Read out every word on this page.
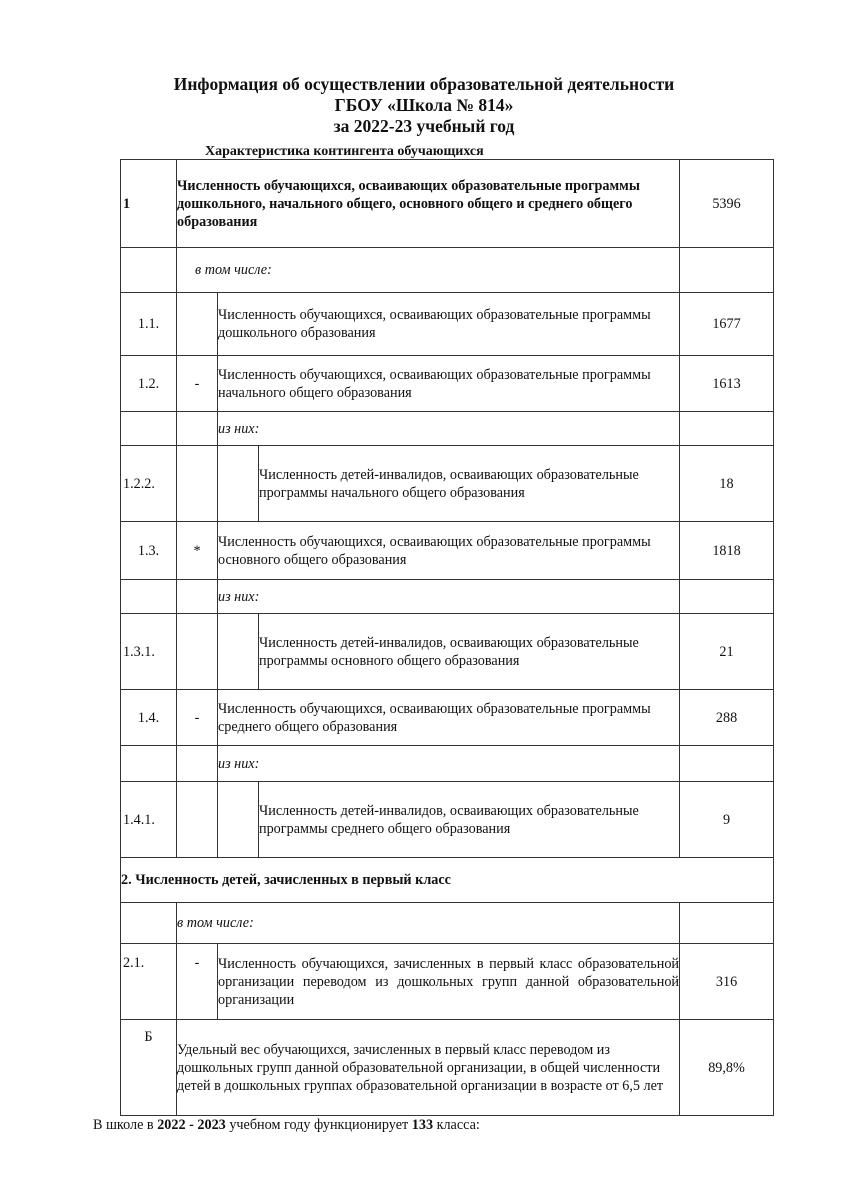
Информация об осуществлении образовательной деятельности
ГБОУ «Школа № 814»
за 2022-23 учебный год
Характеристика контингента обучающихся
1	Численность обучающихся, осваивающих образовательные программы дошкольного, начального общего, основного общего и среднего общего образования			5396
	в том числе:			
1.1.		Численность обучающихся, осваивающих образовательные программы дошкольного образования		1677
1.2.	-	Численность обучающихся, осваивающих образовательные программы начального общего образования		1613
		из них:		
1.2.2.			Численность детей-инвалидов, осваивающих образовательные программы начального общего образования	18
1.3.	*	Численность обучающихся, осваивающих образовательные программы основного общего образования		1818
		из них:		
1.3.1.			Численность детей-инвалидов, осваивающих образовательные программы основного общего образования	21
1.4.	-	Численность обучающихся, осваивающих образовательные программы среднего общего образования		288
		из них:		
1.4.1.			Численность детей-инвалидов, осваивающих образовательные программы среднего общего образования	9
2. Численность детей, зачисленных в первый класс				
	в том числе:			
2.1.	-	Численность обучающихся, зачисленных в первый класс образовательной организации переводом из дошкольных групп данной образовательной организации		316
Б	Удельный вес обучающихся, зачисленных в первый класс переводом из дошкольных групп данной образовательной организации, в общей численности детей в дошкольных группах образовательной организации в возрасте от 6,5 лет			89,8%
В школе в 2022 - 2023 учебном году функционирует 133 класса:
